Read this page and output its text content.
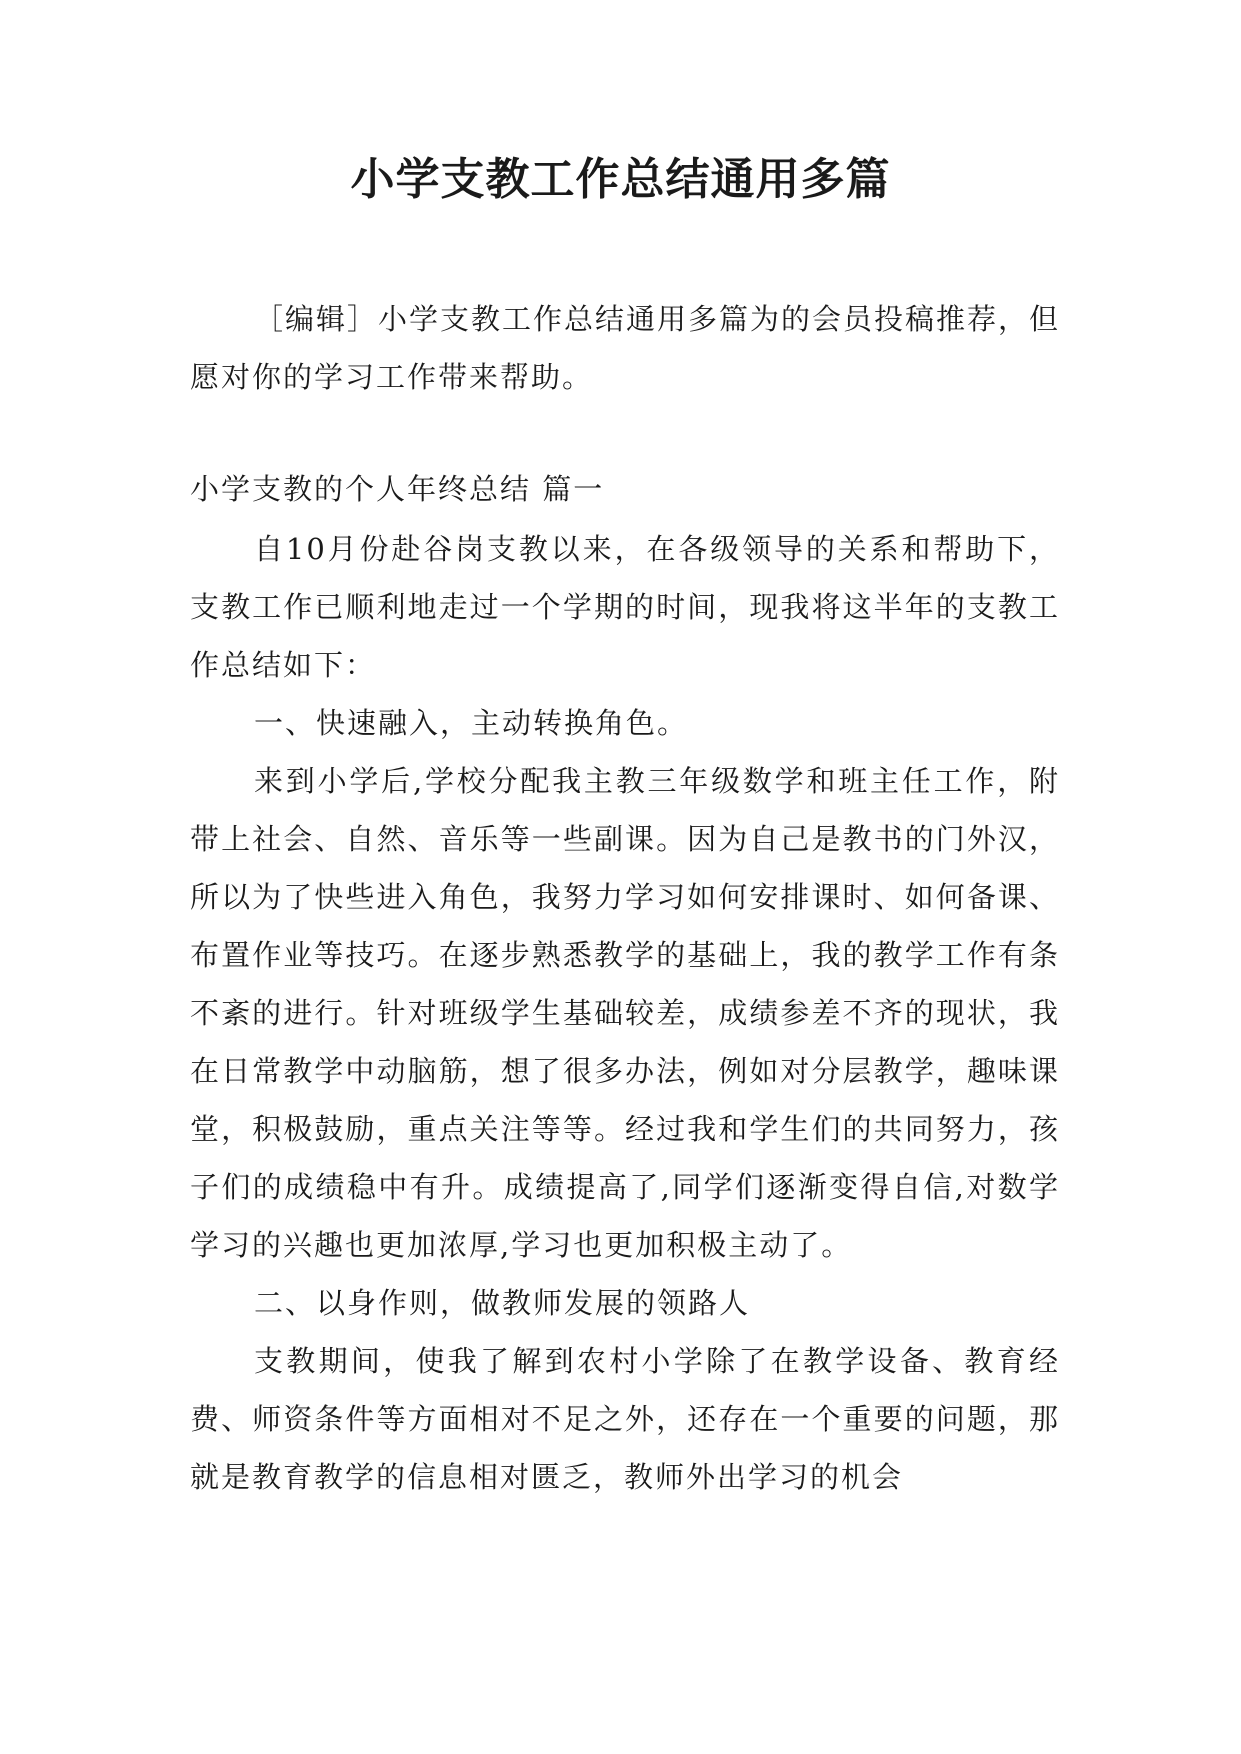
小学支教工作总结通用多篇

［编辑］小学支教工作总结通用多篇为的会员投稿推荐，但愿对你的学习工作带来帮助。

小学支教的个人年终总结 篇一

自10月份赴谷岗支教以来，在各级领导的关系和帮助下，支教工作已顺利地走过一个学期的时间，现我将这半年的支教工作总结如下：

一、快速融入，主动转换角色。

来到小学后,学校分配我主教三年级数学和班主任工作，附带上社会、自然、音乐等一些副课。因为自己是教书的门外汉，所以为了快些进入角色，我努力学习如何安排课时、如何备课、布置作业等技巧。在逐步熟悉教学的基础上，我的教学工作有条不紊的进行。针对班级学生基础较差，成绩参差不齐的现状，我在日常教学中动脑筋，想了很多办法，例如对分层教学，趣味课堂，积极鼓励，重点关注等等。经过我和学生们的共同努力，孩子们的成绩稳中有升。成绩提高了,同学们逐渐变得自信,对数学学习的兴趣也更加浓厚,学习也更加积极主动了。

二、以身作则，做教师发展的领路人

支教期间，使我了解到农村小学除了在教学设备、教育经费、师资条件等方面相对不足之外，还存在一个重要的问题，那就是教育教学的信息相对匮乏，教师外出学习的机会
